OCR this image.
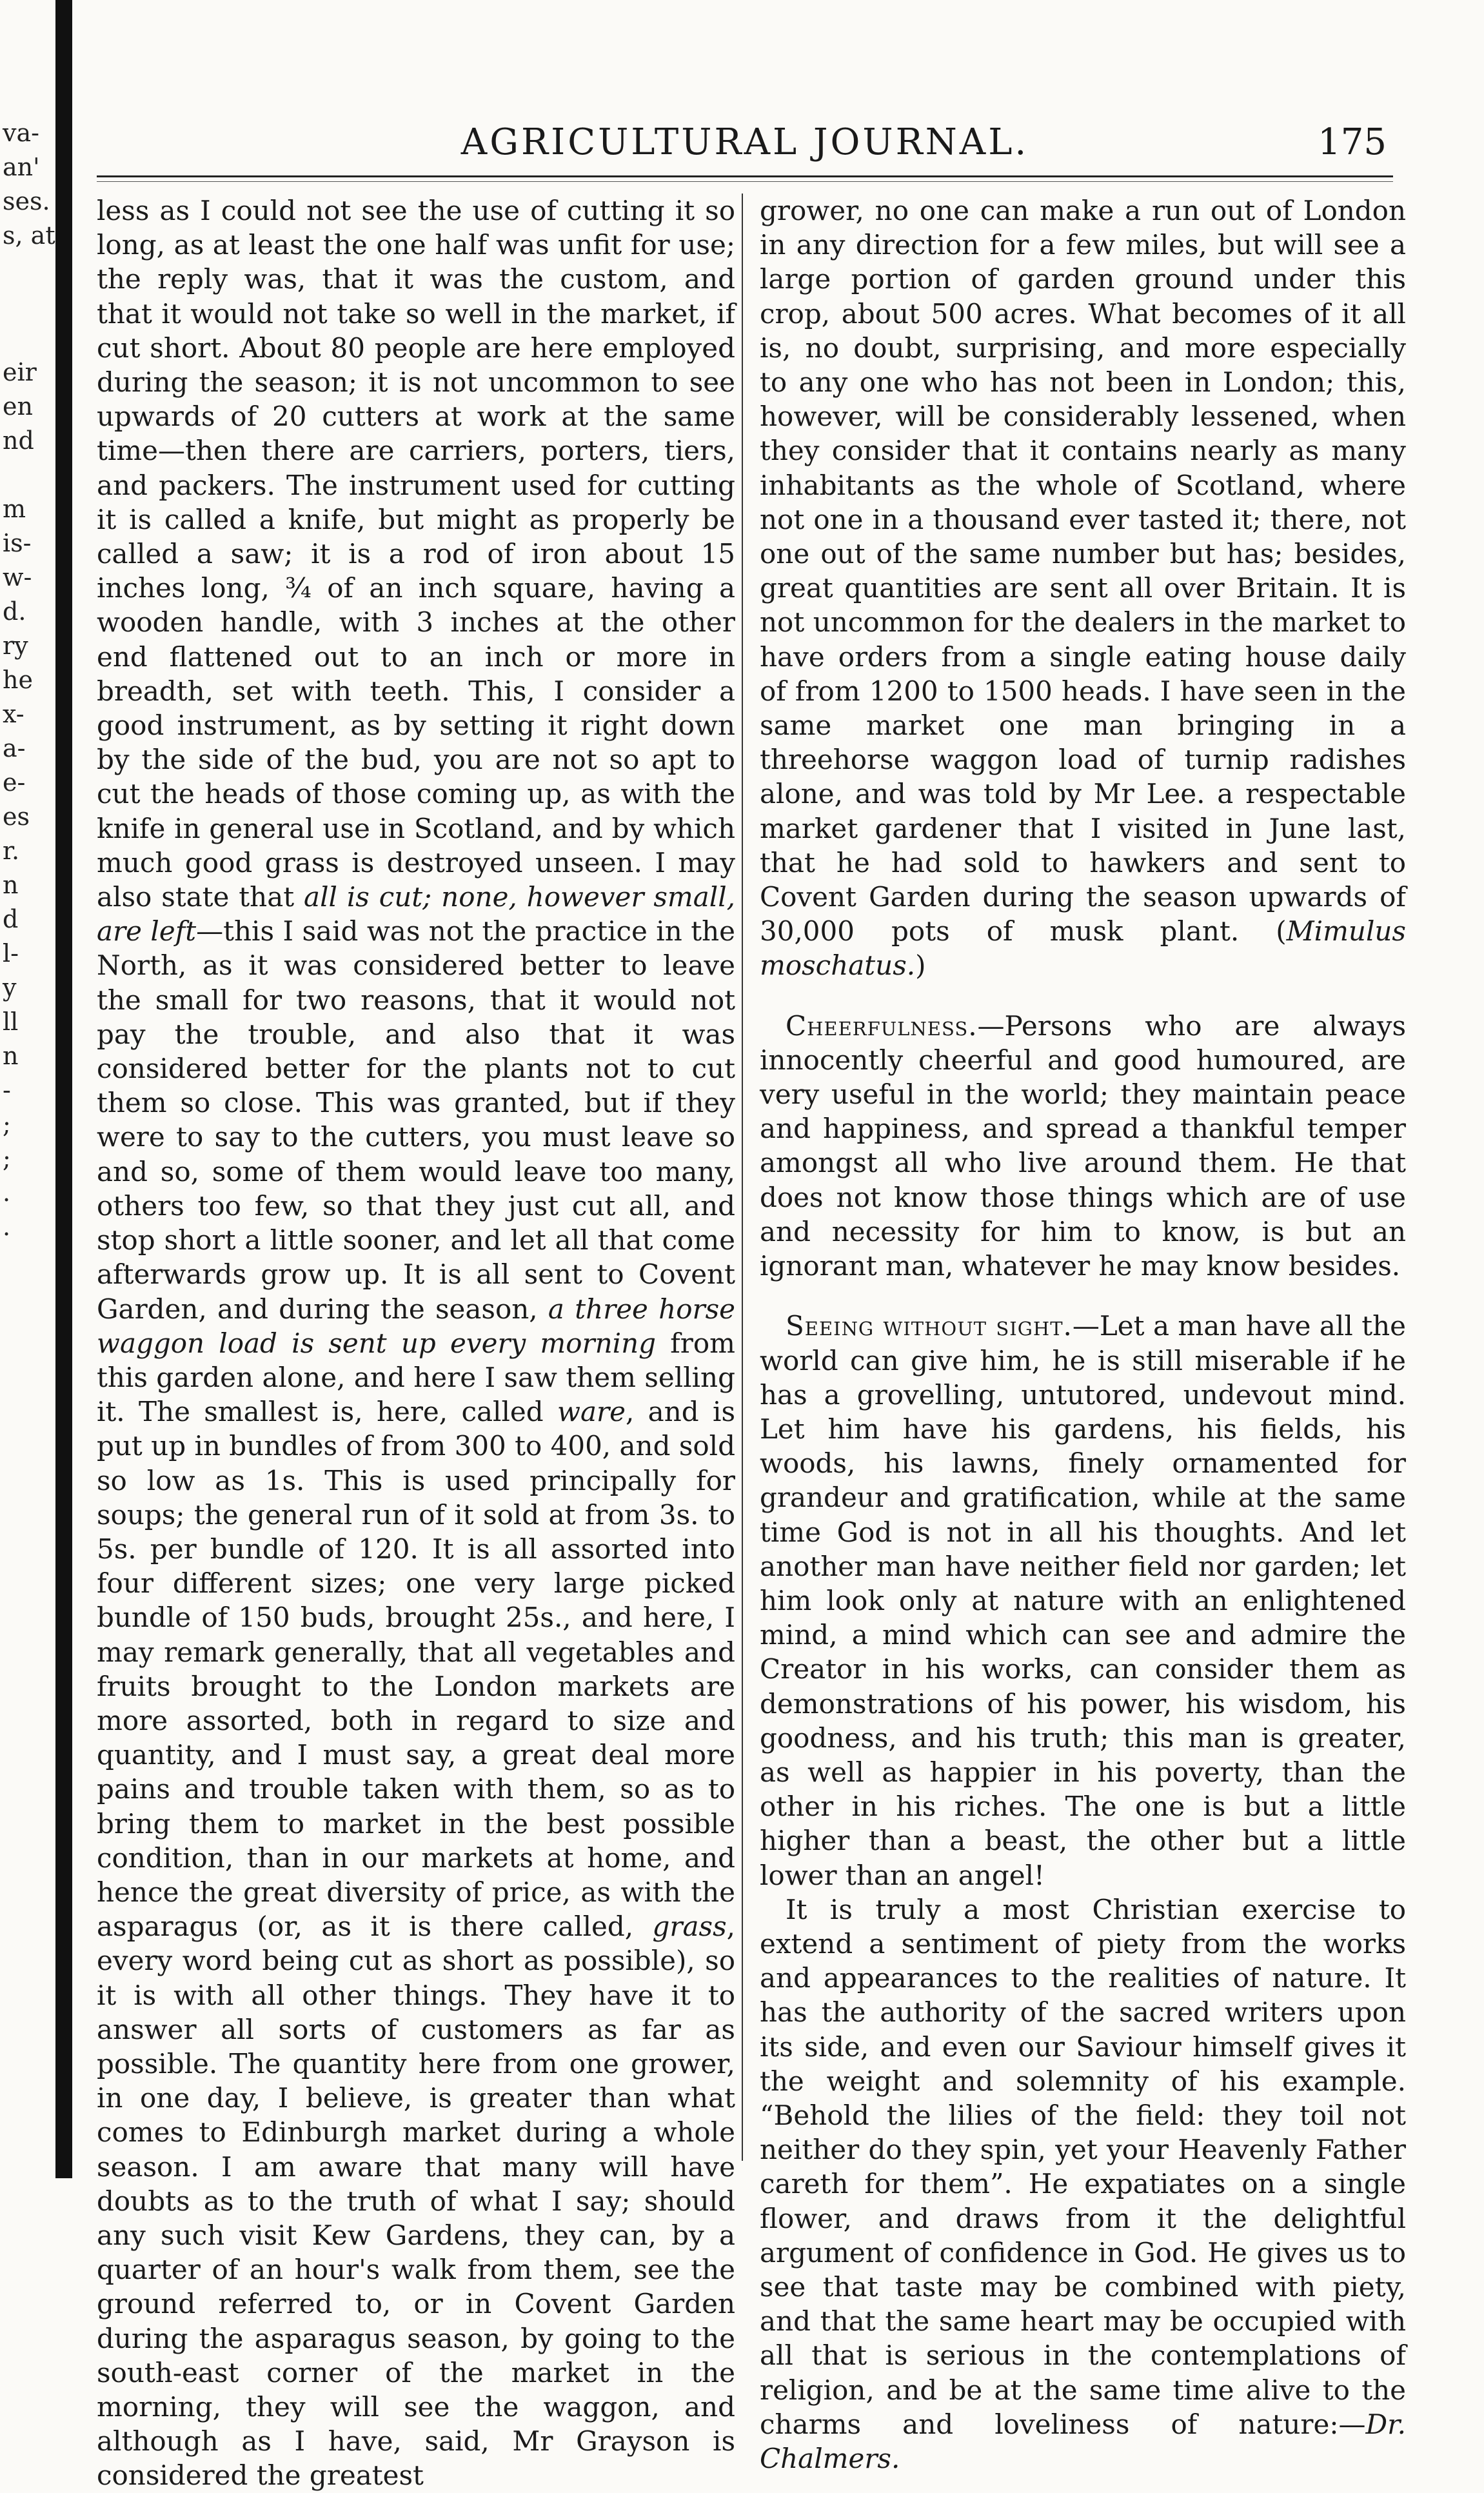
va-
an'
ses.
s, at

eir
en
nd

m
is-
w-
d.
ry
he
x-
a-
e-
es
r.
n
d
l-
y
ll
n
-
;
;
.
.
AGRICULTURAL JOURNAL.	175

less as I could not see the use of cutting it so long, as at least the one half was unfit for use; the reply was, that it was the custom, and that it would not take so well in the market, if cut short. About 80 people are here employed during the season; it is not uncommon to see upwards of 20 cutters at work at the same time—then there are carriers, porters, tiers, and packers. The instrument used for cutting it is called a knife, but might as properly be called a saw; it is a rod of iron about 15 inches long, ¾ of an inch square, having a wooden handle, with 3 inches at the other end flattened out to an inch or more in breadth, set with teeth. This, I consider a good instrument, as by setting it right down by the side of the bud, you are not so apt to cut the heads of those coming up, as with the knife in general use in Scotland, and by which much good grass is destroyed unseen. I may also state that all is cut; none, however small, are left—this I said was not the practice in the North, as it was considered better to leave the small for two reasons, that it would not pay the trouble, and also that it was considered better for the plants not to cut them so close. This was granted, but if they were to say to the cutters, you must leave so and so, some of them would leave too many, others too few, so that they just cut all, and stop short a little sooner, and let all that come afterwards grow up. It is all sent to Covent Garden, and during the season, a three horse waggon load is sent up every morning from this garden alone, and here I saw them selling it. The smallest is, here, called ware, and is put up in bundles of from 300 to 400, and sold so low as 1s. This is used principally for soups; the general run of it sold at from 3s. to 5s. per bundle of 120. It is all assorted into four different sizes; one very large picked bundle of 150 buds, brought 25s., and here, I may remark generally, that all vegetables and fruits brought to the London markets are more assorted, both in regard to size and quantity, and I must say, a great deal more pains and trouble taken with them, so as to bring them to market in the best possible condition, than in our markets at home, and hence the great diversity of price, as with the asparagus (or, as it is there called, grass, every word being cut as short as possible), so it is with all other things. They have it to answer all sorts of customers as far as possible. The quantity here from one grower, in one day, I believe, is greater than what comes to Edinburgh market during a whole season. I am aware that many will have doubts as to the truth of what I say; should any such visit Kew Gardens, they can, by a quarter of an hour's walk from them, see the ground referred to, or in Covent Garden during the asparagus season, by going to the south-east corner of the market in the morning, they will see the waggon, and although as I have, said, Mr Grayson is considered the greatest

grower, no one can make a run out of London in any direction for a few miles, but will see a large portion of garden ground under this crop, about 500 acres. What becomes of it all is, no doubt, surprising, and more especially to any one who has not been in London; this, however, will be considerably lessened, when they consider that it contains nearly as many inhabitants as the whole of Scotland, where not one in a thousand ever tasted it; there, not one out of the same number but has; besides, great quantities are sent all over Britain. It is not uncommon for the dealers in the market to have orders from a single eating house daily of from 1200 to 1500 heads. I have seen in the same market one man bringing in a threehorse waggon load of turnip radishes alone, and was told by Mr Lee. a respectable market gardener that I visited in June last, that he had sold to hawkers and sent to Covent Garden during the season upwards of 30,000 pots of musk plant. (Mimulus moschatus.)

Cheerfulness.—Persons who are always innocently cheerful and good humoured, are very useful in the world; they maintain peace and happiness, and spread a thankful temper amongst all who live around them. He that does not know those things which are of use and necessity for him to know, is but an ignorant man, whatever he may know besides.

Seeing without sight.—Let a man have all the world can give him, he is still miserable if he has a grovelling, untutored, undevout mind. Let him have his gardens, his fields, his woods, his lawns, finely ornamented for grandeur and gratification, while at the same time God is not in all his thoughts. And let another man have neither field nor garden; let him look only at nature with an enlightened mind, a mind which can see and admire the Creator in his works, can consider them as demonstrations of his power, his wisdom, his goodness, and his truth; this man is greater, as well as happier in his poverty, than the other in his riches. The one is but a little higher than a beast, the other but a little lower than an angel!

It is truly a most Christian exercise to extend a sentiment of piety from the works and appearances to the realities of nature. It has the authority of the sacred writers upon its side, and even our Saviour himself gives it the weight and solemnity of his example. “Behold the lilies of the field: they toil not neither do they spin, yet your Heavenly Father careth for them”. He expatiates on a single flower, and draws from it the delightful argument of confidence in God. He gives us to see that taste may be combined with piety, and that the same heart may be occupied with all that is serious in the contemplations of religion, and be at the same time alive to the charms and loveliness of nature:—Dr. Chalmers.
